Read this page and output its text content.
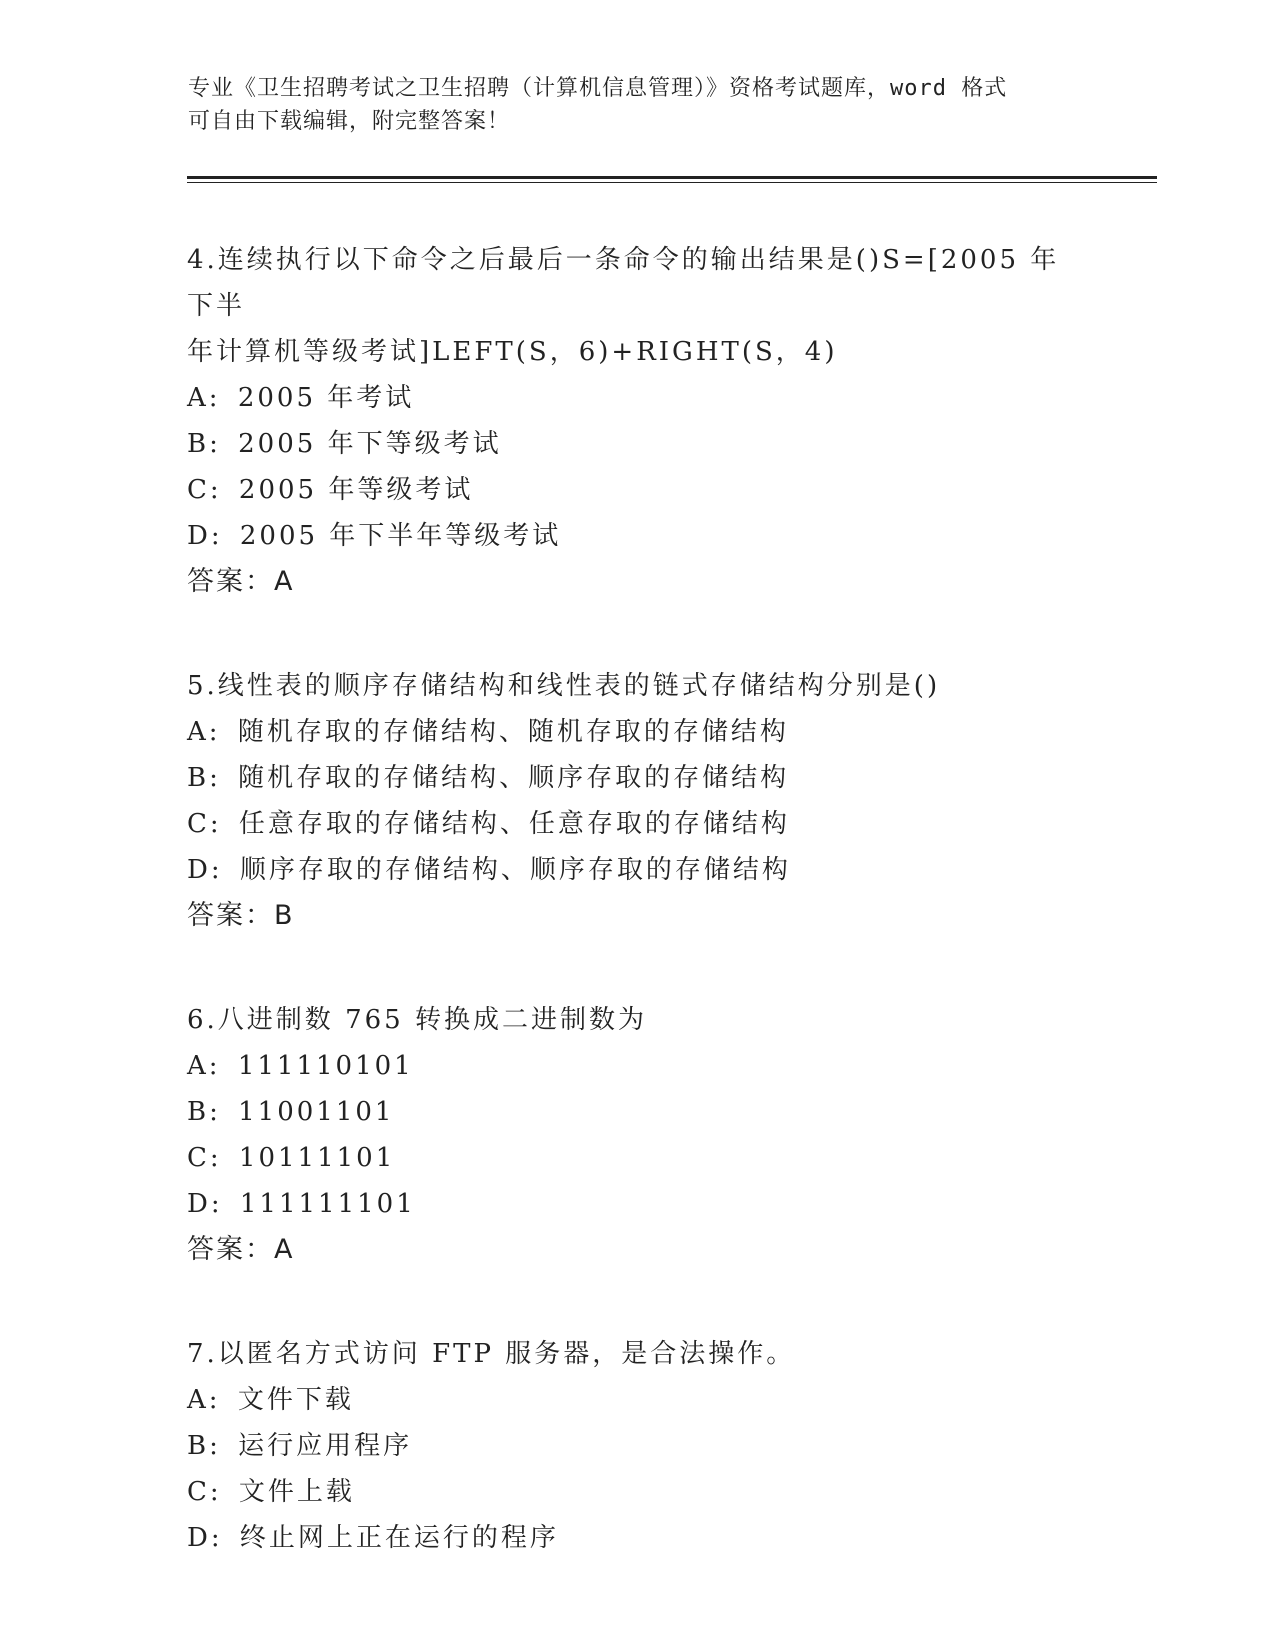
专业《卫生招聘考试之卫生招聘（计算机信息管理）》资格考试题库，word 格式
可自由下载编辑，附完整答案！
4.连续执行以下命令之后最后一条命令的输出结果是()S=[2005 年下半
年计算机等级考试]LEFT(S，6)+RIGHT(S，4)
A: 2005 年考试
B: 2005 年下等级考试
C: 2005 年等级考试
D: 2005 年下半年等级考试
答案：A
5.线性表的顺序存储结构和线性表的链式存储结构分别是()
A: 随机存取的存储结构、随机存取的存储结构
B: 随机存取的存储结构、顺序存取的存储结构
C: 任意存取的存储结构、任意存取的存储结构
D: 顺序存取的存储结构、顺序存取的存储结构
答案：B
6.八进制数 765 转换成二进制数为
A: 111110101
B: 11001101
C: 10111101
D: 111111101
答案：A
7.以匿名方式访问 FTP 服务器，是合法操作。
A: 文件下载
B: 运行应用程序
C: 文件上载
D: 终止网上正在运行的程序
